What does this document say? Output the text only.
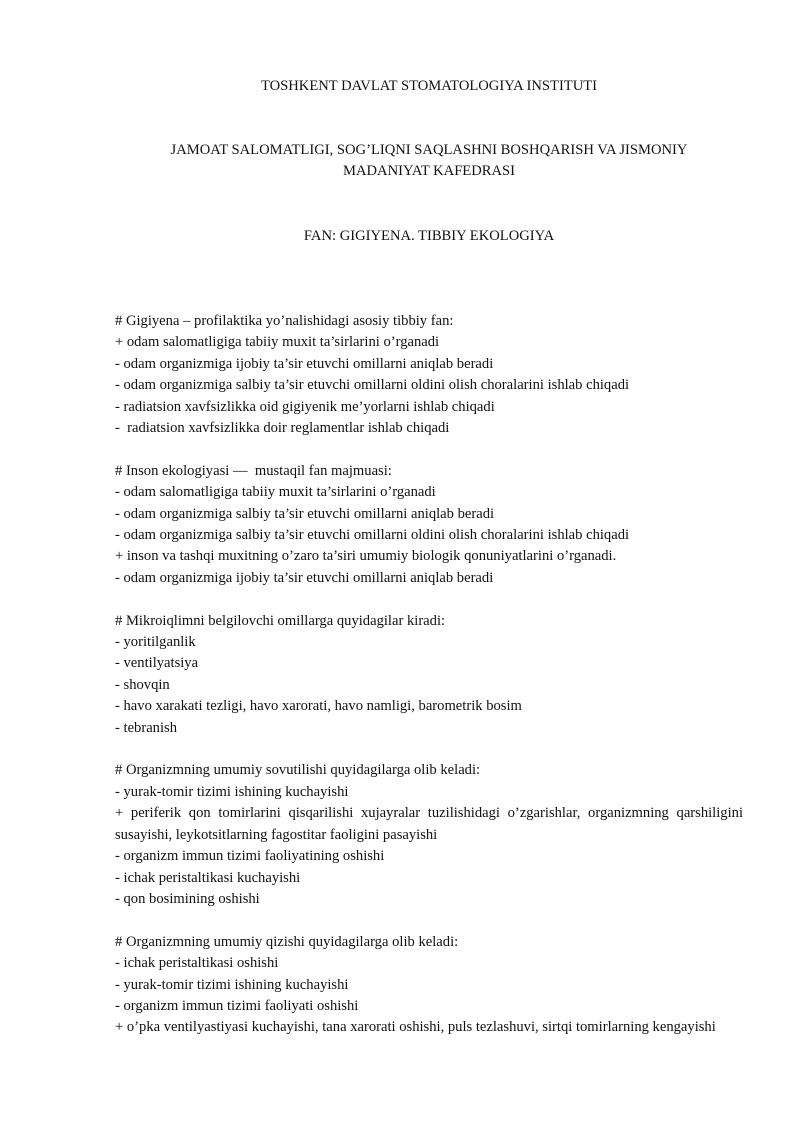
TOSHKENT DAVLAT STOMATOLOGIYA INSTITUTI
JAMOAT SALOMATLIGI, SOG’LIQNI SAQLASHNI BOSHQARISH VA JISMONIY
MADANIYAT KAFEDRASI
FAN: GIGIYENA. TIBBIY EKOLOGIYA
# Gigiyena – profilaktika yo’nalishidagi asosiy tibbiy fan:
+ odam salomatligiga tabiiy muxit ta’sirlarini o’rganadi
- odam organizmiga ijobiy ta’sir etuvchi omillarni aniqlab beradi
- odam organizmiga salbiy ta’sir etuvchi omillarni oldini olish choralarini ishlab chiqadi
- radiatsion xavfsizlikka oid gigiyenik me’yorlarni ishlab chiqadi
-  radiatsion xavfsizlikka doir reglamentlar ishlab chiqadi
# Inson ekologiyasi —  mustaqil fan majmuasi:
- odam salomatligiga tabiiy muxit ta’sirlarini o’rganadi
- odam organizmiga salbiy ta’sir etuvchi omillarni aniqlab beradi
- odam organizmiga salbiy ta’sir etuvchi omillarni oldini olish choralarini ishlab chiqadi
+ inson va tashqi muxitning o’zaro ta’siri umumiy biologik qonuniyatlarini o’rganadi.
- odam organizmiga ijobiy ta’sir etuvchi omillarni aniqlab beradi
# Mikroiqlimni belgilovchi omillarga quyidagilar kiradi:
- yoritilganlik
- ventilyatsiya
- shovqin
- havo xarakati tezligi, havo xarorati, havo namligi, barometrik bosim
- tebranish
# Organizmning umumiy sovutilishi quyidagilarga olib keladi:
- yurak-tomir tizimi ishining kuchayishi
+ periferik qon tomirlarini qisqarilishi xujayralar tuzilishidagi o’zgarishlar, organizmning qarshiligini susayishi, leykotsitlarning fagostitar faoligini pasayishi
- organizm immun tizimi faoliyatining oshishi
- ichak peristaltikasi kuchayishi
- qon bosimining oshishi
# Organizmning umumiy qizishi quyidagilarga olib keladi:
- ichak peristaltikasi oshishi
- yurak-tomir tizimi ishining kuchayishi
- organizm immun tizimi faoliyati oshishi
+ o’pka ventilyastiyasi kuchayishi, tana xarorati oshishi, puls tezlashuvi, sirtqi tomirlarning kengayishi
